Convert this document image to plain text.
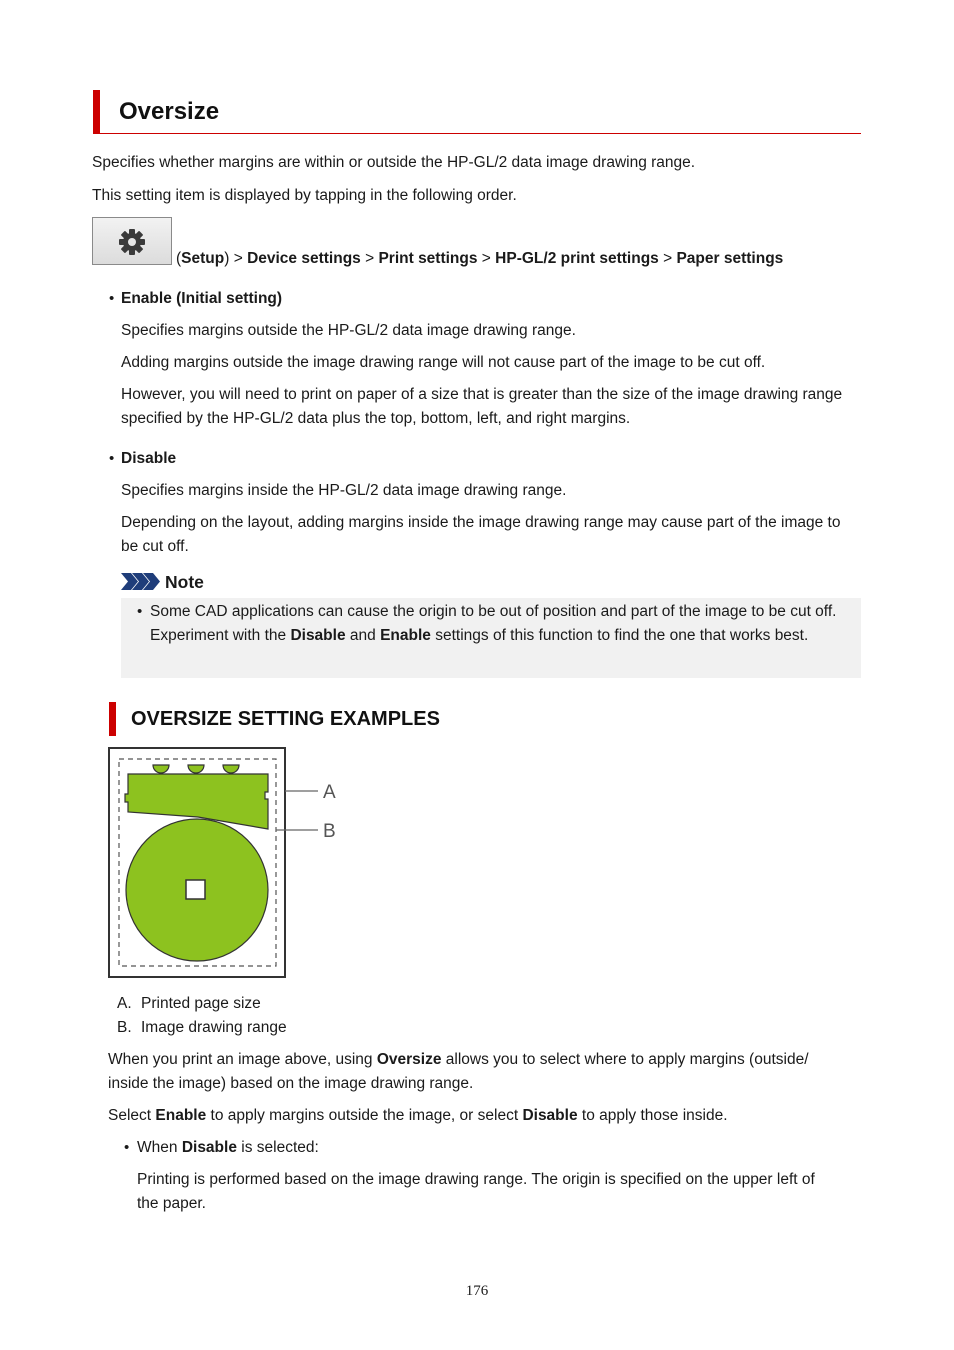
Oversize

Specifies whether margins are within or outside the HP-GL/2 data image drawing range.

This setting item is displayed by tapping in the following order.

(Setup) > Device settings > Print settings > HP-GL/2 print settings > Paper settings

• Enable (Initial setting)

Specifies margins outside the HP-GL/2 data image drawing range.

Adding margins outside the image drawing range will not cause part of the image to be cut off.

However, you will need to print on paper of a size that is greater than the size of the image drawing range specified by the HP-GL/2 data plus the top, bottom, left, and right margins.

• Disable

Specifies margins inside the HP-GL/2 data image drawing range.

Depending on the layout, adding margins inside the image drawing range may cause part of the image to be cut off.

Note

• Some CAD applications can cause the origin to be out of position and part of the image to be cut off. Experiment with the Disable and Enable settings of this function to find the one that works best.

OVERSIZE SETTING EXAMPLES
A
B

A. Printed page size

B. Image drawing range

When you print an image above, using Oversize allows you to select where to apply margins (outside/

inside the image) based on the image drawing range.

Select Enable to apply margins outside the image, or select Disable to apply those inside.

• When Disable is selected:

Printing is performed based on the image drawing range. The origin is specified on the upper left of

the paper.

176
